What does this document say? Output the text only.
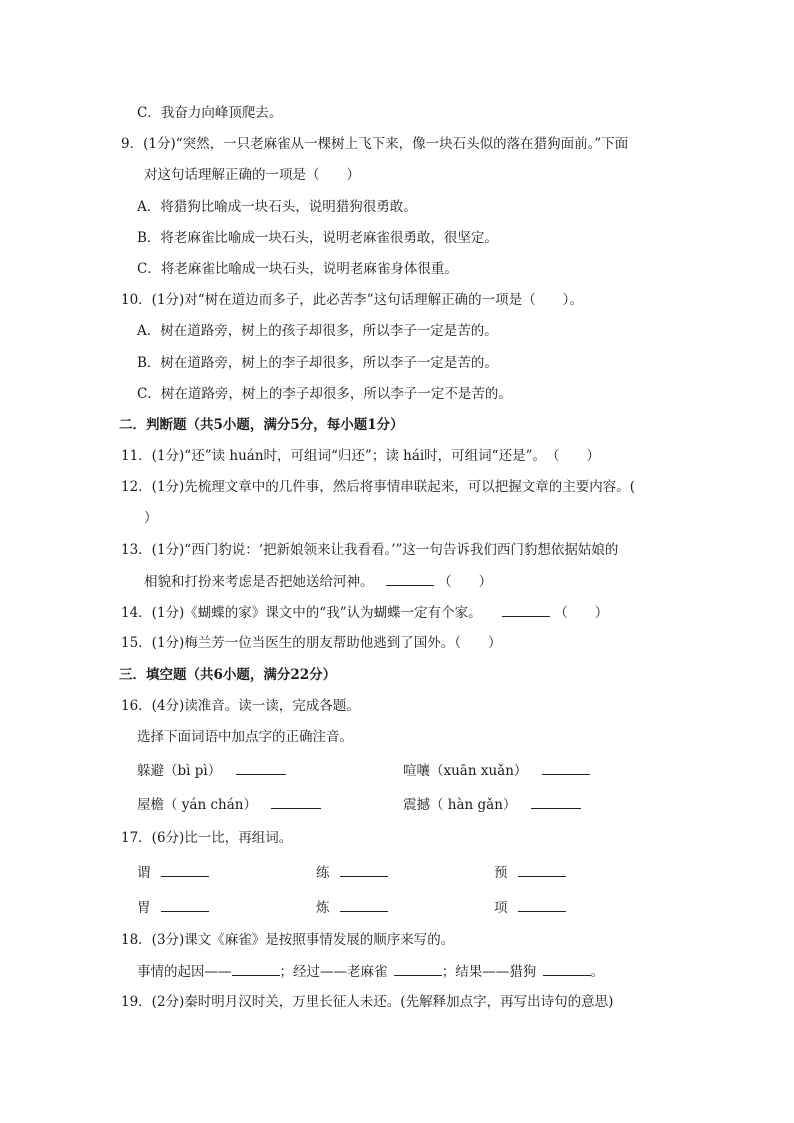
C．我奋力向峰顶爬去。
9．(1分)“突然，一只老麻雀从一棵树上飞下来，像一块石头似的落在猎狗面前。”下面
对这句话理解正确的一项是（　　）
A．将猎狗比喻成一块石头，说明猎狗很勇敢。
B．将老麻雀比喻成一块石头，说明老麻雀很勇敢，很坚定。
C．将老麻雀比喻成一块石头，说明老麻雀身体很重。
10．(1分)对“树在道边而多子，此必苦李”这句话理解正确的一项是（　　）。
A．树在道路旁，树上的孩子却很多，所以李子一定是苦的。
B．树在道路旁，树上的李子却很多，所以李子一定是苦的。
C．树在道路旁，树上的李子却很多，所以李子一定不是苦的。
二．判断题（共5小题，满分5分，每小题1分）
11．(1分)“还”读 huán时，可组词“归还”；读 hái时，可组词“还是”。　（　　）
12．(1分)先梳理文章中的几件事，然后将事情串联起来，可以把握文章的主要内容。(
）
13．(1分)“西门豹说：‘把新娘领来让我看看。’”这一句告诉我们西门豹想依据姑娘的
相貌和打扮来考虑是否把她送给河神。	（　　）
14．(1分)《蝴蝶的家》课文中的“我”认为蝴蝶一定有个家。	（　　）
15．(1分)梅兰芳一位当医生的朋友帮助他逃到了国外。（　　）
三．填空题（共6小题，满分22分）
16．(4分)读准音。读一读，完成各题。
选择下面词语中加点字的正确注音。
躲避（bì pì）	喧嚷（xuān xuǎn）
屋檐（ yán chán）	震撼（ hàn gǎn）
17．(6分)比一比，再组词。
谓	练	预
胃	炼	项
18．(3分)课文《麻雀》是按照事情发展的顺序来写的。
事情的起因——	；经过——老麻雀	；结果——猎狗	。
19．(2分)秦时明月汉时关，万里长征人未还。(先解释加点字，再写出诗句的意思)
